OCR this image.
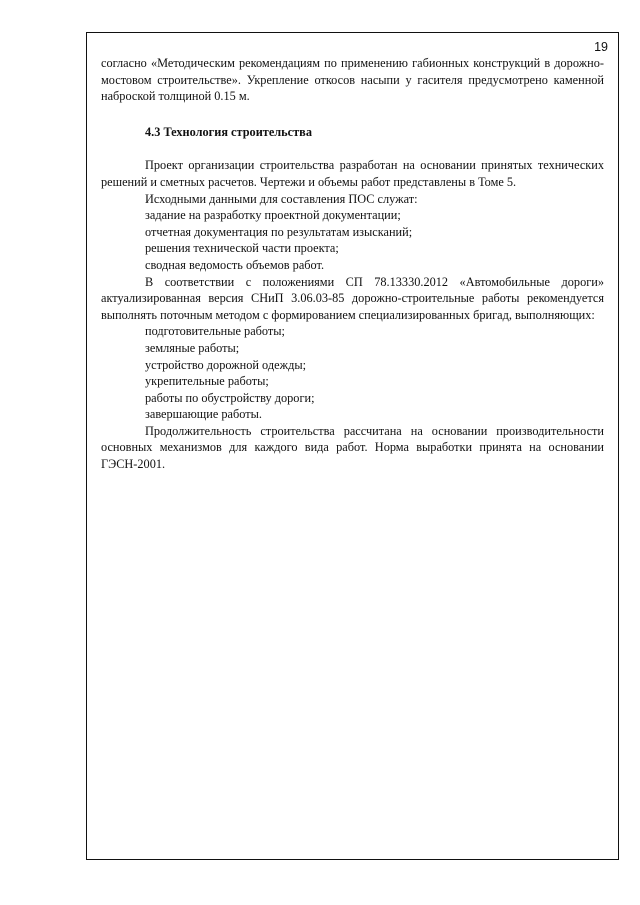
19

согласно «Методическим рекомендациям по применению габионных конструкций в дорожно-мостовом строительстве». Укрепление откосов насыпи у гасителя предусмотрено каменной наброской толщиной 0.15 м.

4.3 Технология строительства

Проект организации строительства разработан на основании принятых технических решений и сметных расчетов. Чертежи и объемы работ представлены в Томе 5.

Исходными данными для составления ПОС служат:

задание на разработку проектной документации;

отчетная документация по результатам изысканий;

решения технической части проекта;

сводная ведомость объемов работ.

В соответствии с положениями СП 78.13330.2012 «Автомобильные дороги» актуализированная версия СНиП 3.06.03-85 дорожно-строительные работы рекомендуется выполнять поточным методом с формированием специализированных бригад, выполняющих:

подготовительные работы;

земляные работы;

устройство дорожной одежды;

укрепительные работы;

работы по обустройству дороги;

завершающие работы.

Продолжительность строительства рассчитана на основании производительности основных механизмов для каждого вида работ. Норма выработки принята на основании ГЭСН-2001.
